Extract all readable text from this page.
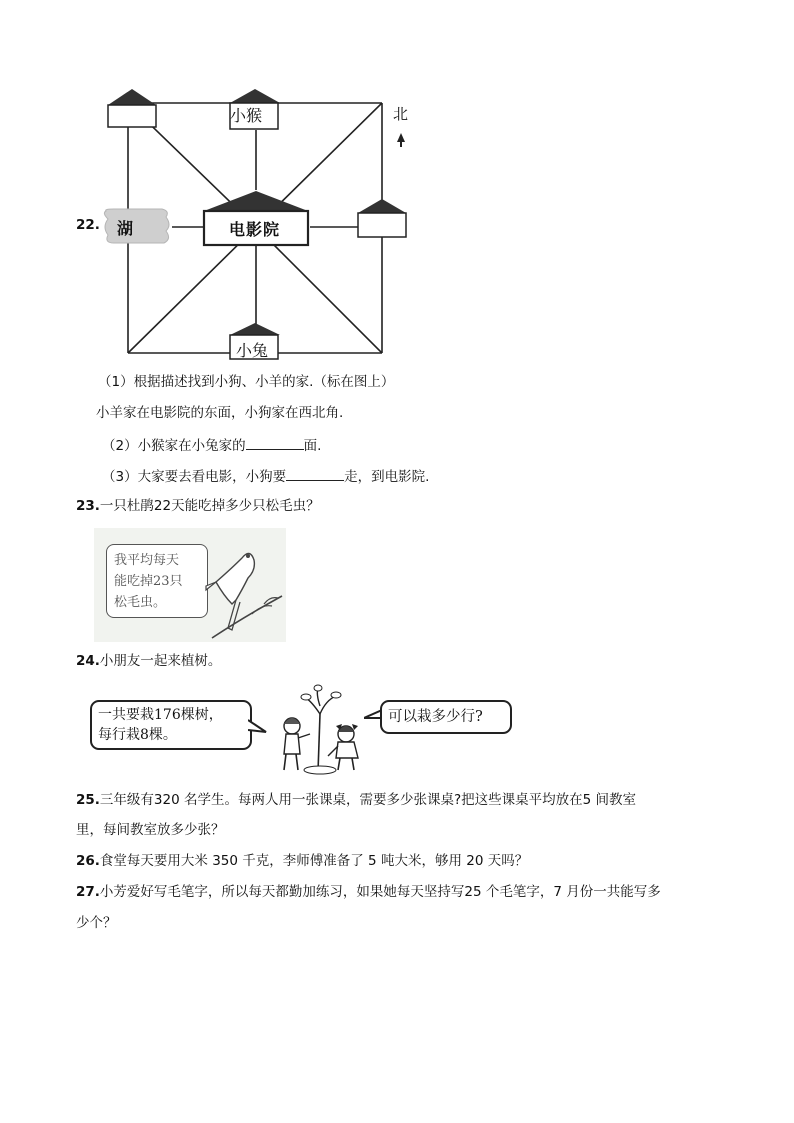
22.
小猴
电影院
湖
小兔
北
（1）根据描述找到小狗、小羊的家.（标在图上）
小羊家在电影院的东面，小狗家在西北角.
（2）小猴家在小兔家的	面.
（3）大家要去看电影，小狗要	走，到电影院.
23.一只杜鹃22天能吃掉多少只松毛虫？
我平均每天
能吃掉23只
松毛虫。
24.小朋友一起来植树。
一共要栽176棵树，
每行栽8棵。
可以栽多少行?
25.三年级有320 名学生。每两人用一张课桌，需要多少张课桌?把这些课桌平均放在5 间教室
里，每间教室放多少张？
26.食堂每天要用大米 350 千克，李师傅准备了 5 吨大米，够用 20 天吗？
27.小芳爱好写毛笔字，所以每天都勤加练习，如果她每天坚持写25 个毛笔字，7 月份一共能写多
少个？
